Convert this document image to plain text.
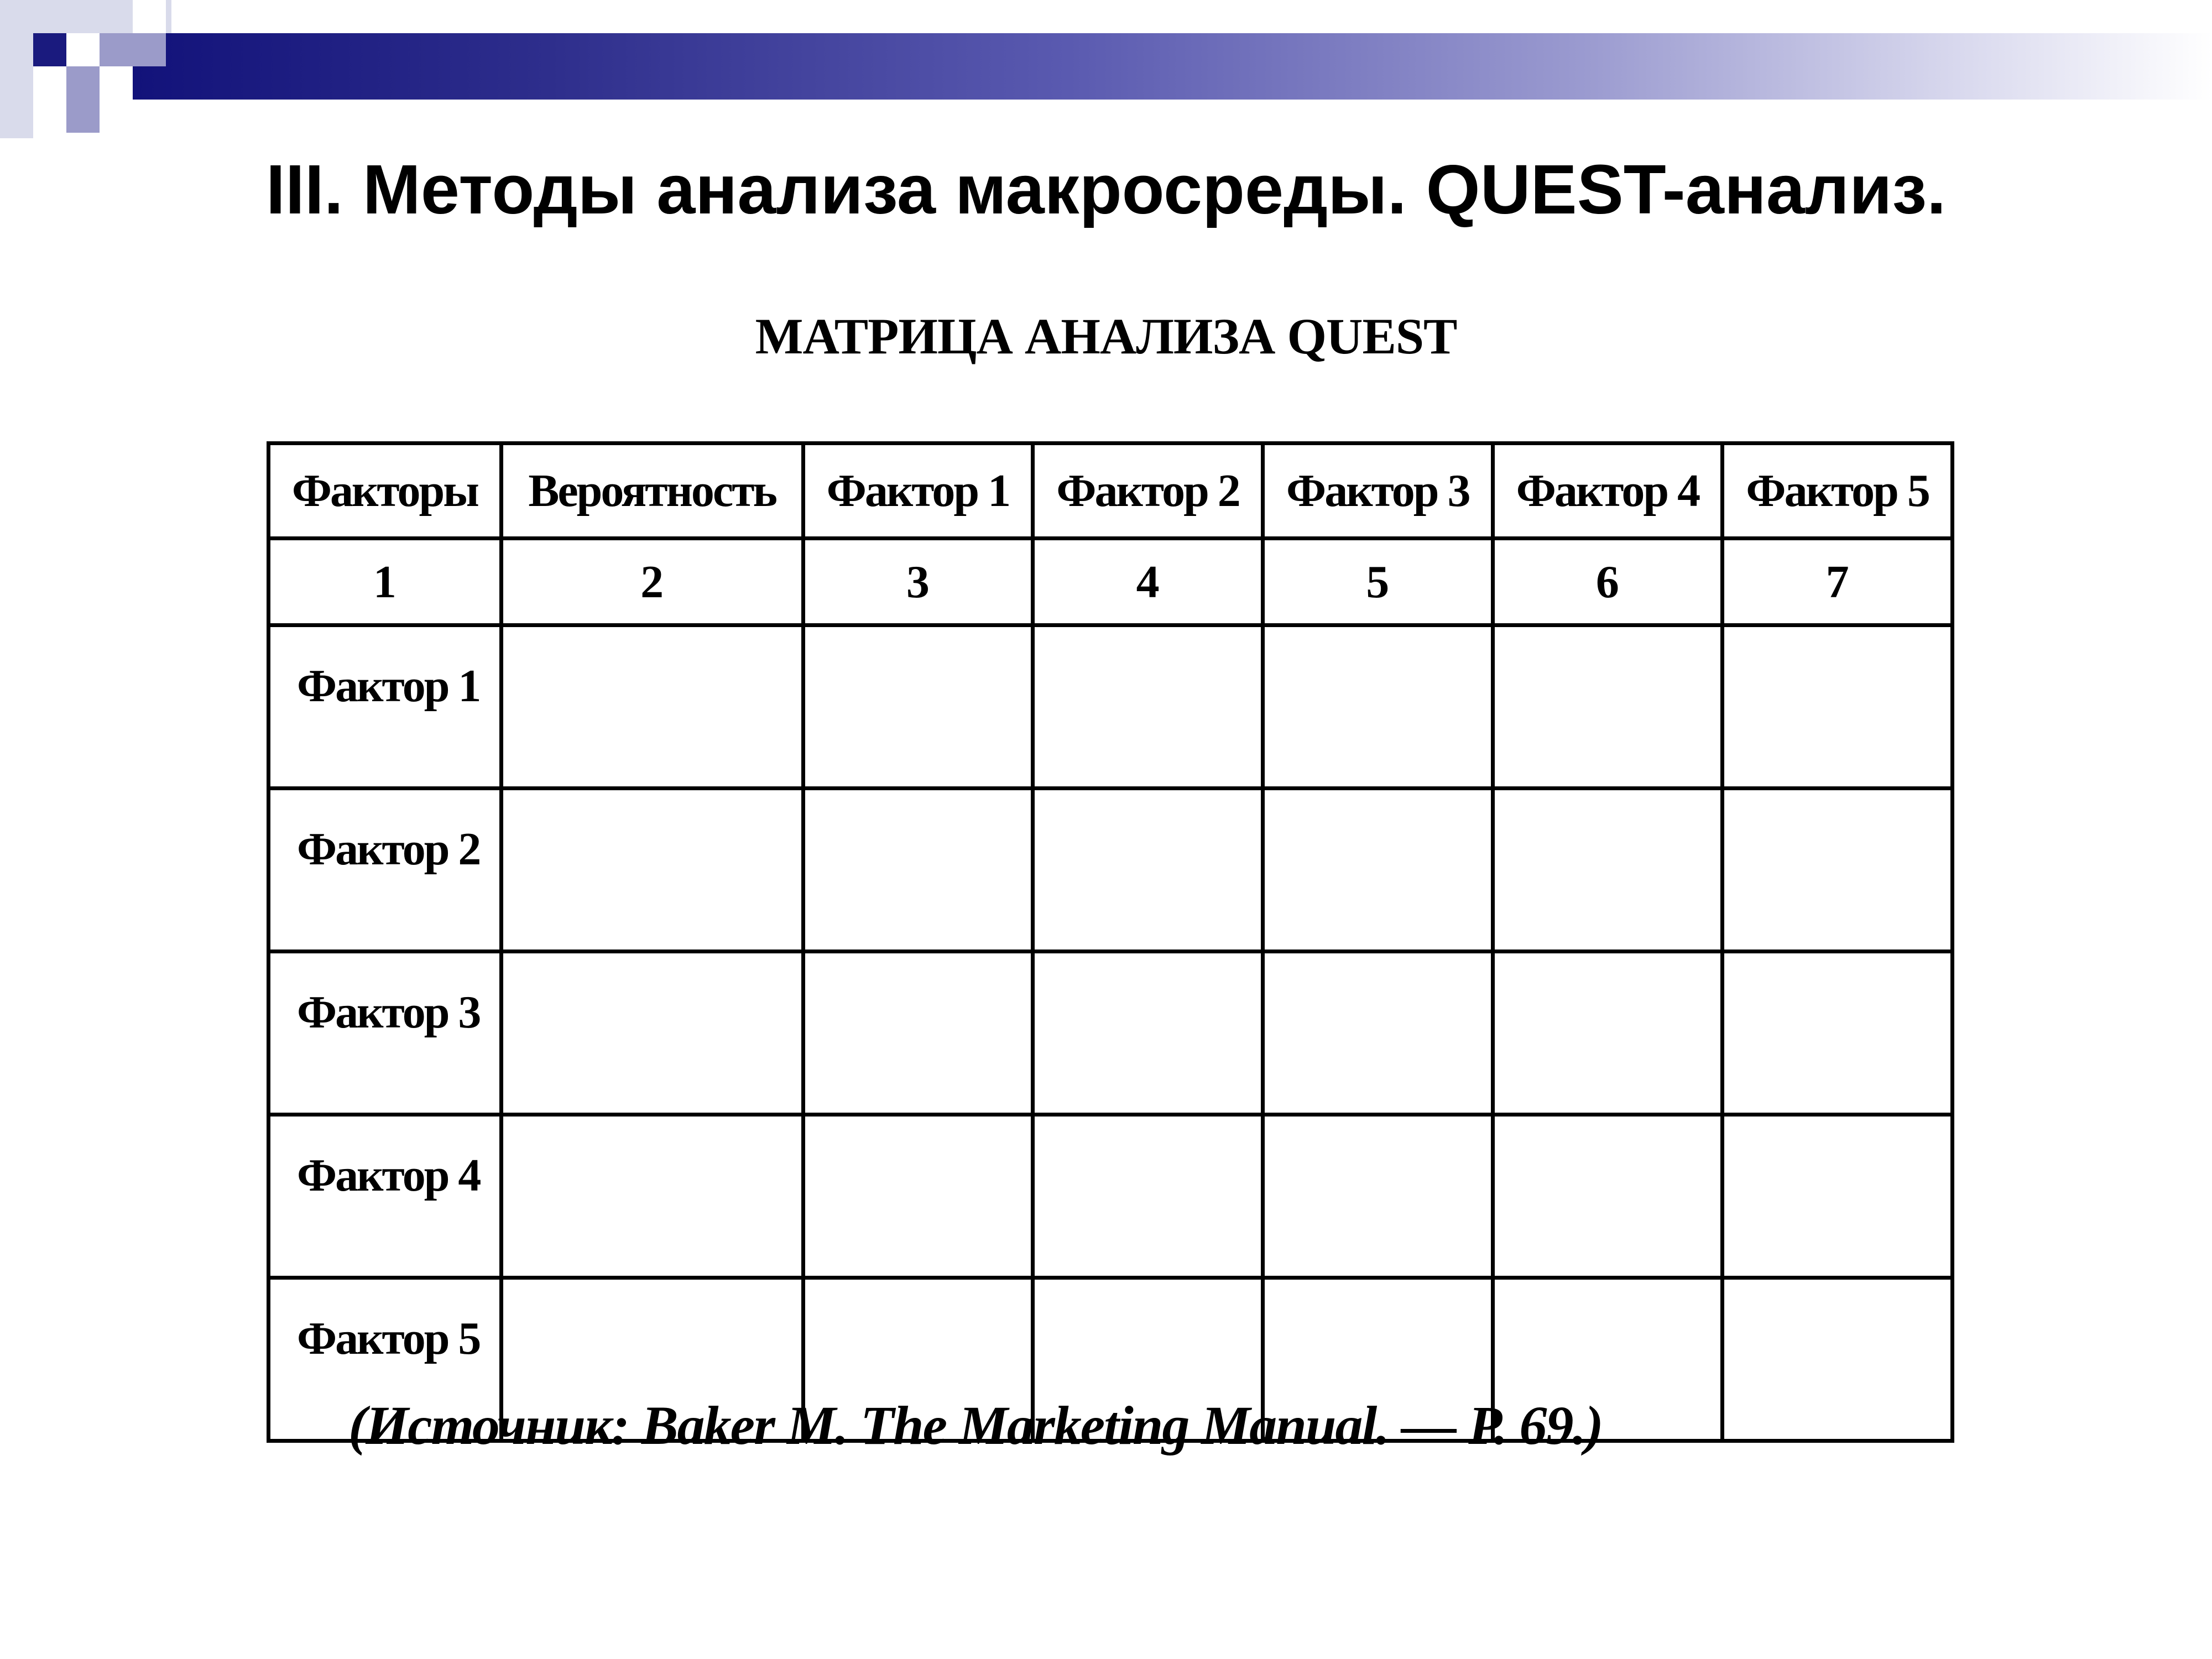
III. Методы анализа макросреды. QUEST-анализ.
МАТРИЦА АНАЛИЗА QUEST
Факторы	Вероятность	Фактор 1	Фактор 2	Фактор 3	Фактор 4	Фактор 5
1	2	3	4	5	6	7
Фактор 1						
Фактор 2						
Фактор 3						
Фактор 4						
Фактор 5						
(Источник: Baker M. The Marketing Manual. — P. 69.)
